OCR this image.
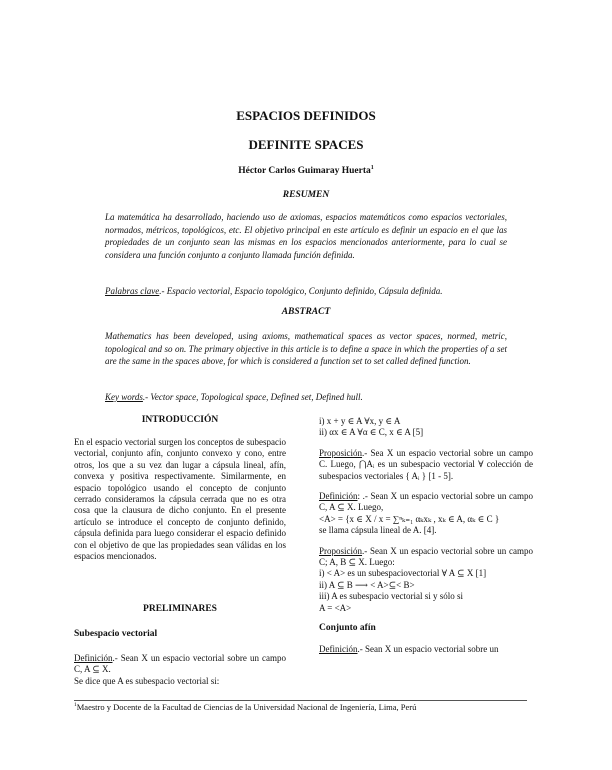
ESPACIOS DEFINIDOS
DEFINITE SPACES
Héctor Carlos Guimaray Huerta$^1$
RESUMEN
La matemática ha desarrollado, haciendo uso de axiomas, espacios matemáticos como espacios vectoriales, normados, métricos, topológicos, etc. El objetivo principal en este artículo es definir un espacio en el que las propiedades de un conjunto sean las mismas en los espacios mencionados anteriormente, para lo cual se considera una función conjunto a conjunto llamada función definida.
Palabras clave.- Espacio vectorial, Espacio topológico, Conjunto definido, Cápsula definida.
ABSTRACT
Mathematics has been developed, using axioms, mathematical spaces as vector spaces, normed, metric, topological and so on. The primary objective in this article is to define a space in which the properties of a set are the same in the spaces above, for which is considered a function set to set called defined function.
Key words.- Vector space, Topological space, Defined set, Defined hull.
INTRODUCCIÓN
En el espacio vectorial surgen los conceptos de subespacio vectorial, conjunto afín, conjunto convexo y cono, entre otros, los que a su vez dan lugar a cápsula lineal, afín, convexa y positiva respectivamente. Similarmente, en espacio topológico usando el concepto de conjunto cerrado consideramos la cápsula cerrada que no es otra cosa que la clausura de dicho conjunto. En el presente artículo se introduce el concepto de conjunto definido, cápsula definida para luego considerar el espacio definido con el objetivo de que las propiedades sean válidas en los espacios mencionados.
PRELIMINARES
Subespacio vectorial

Definición.- Sean X un espacio vectorial sobre un campo C, A ⊆ X.

Se dice que A es subespacio vectorial si:

i) x + y ∈ A ∀x, y ∈ A

ii) αx ∈ A ∀α ∈ C, x ∈ A [5]

Proposición.- Sea X un espacio vectorial sobre un campo C. Luego, ⋂Aᵢ es un subespacio vectorial ∀ colección de subespacios vectoriales { Aᵢ } [1 - 5].

Definición: .- Sean X un espacio vectorial sobre un campo C, A ⊆ X. Luego,

<A> = {x ∈ X / x = ∑ⁿₖ₌₁ αₖxₖ , xₖ ∈ A, αₖ ∈ C }

se llama cápsula lineal de A. [4].

Proposición.- Sean X un espacio vectorial sobre un campo C; A, B ⊆ X. Luego:

i) < A> es un subespaciovectorial ∀ A ⊆ X [1]

ii) A ⊆ B ⟶ < A>⊆< B>

iii) A es subespacio vectorial si y sólo si

A = <A>

Conjunto afín

Definición.- Sean X un espacio vectorial sobre un

$^1$Maestro y Docente de la Facultad de Ciencias de la Universidad Nacional de Ingeniería, Lima, Perú
